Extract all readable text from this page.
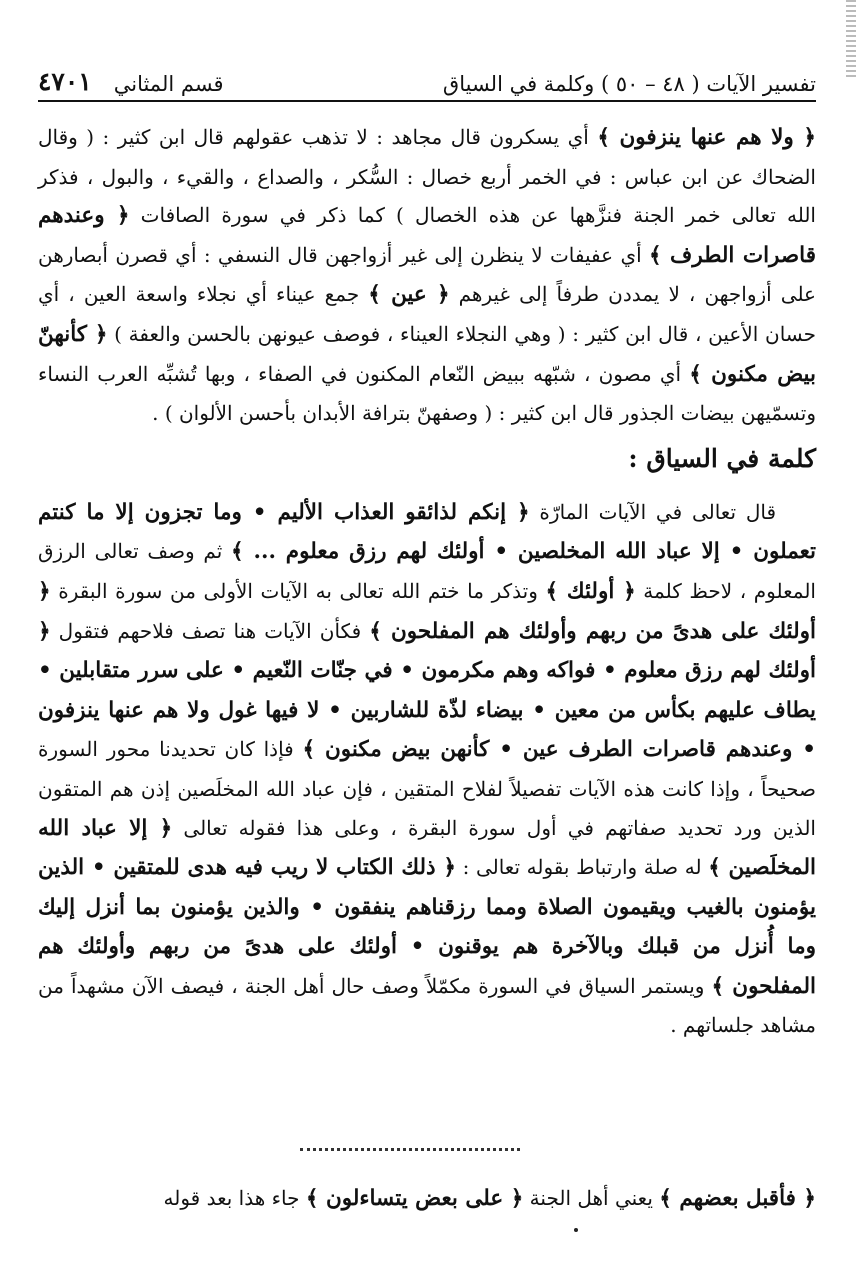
تفسير الآيات ( ٤٨ – ٥٠ ) وكلمة في السياق
قسم المثاني
٤٧٠١

﴿ ولا هم عنها ينزفون ﴾ أي يسكرون قال مجاهد : لا تذهب عقولهم قال ابن كثير : ( وقال الضحاك عن ابن عباس : في الخمر أربع خصال : السُّكر ، والصداع ، والقيء ، والبول ، فذكر الله تعالى خمر الجنة فنزَّهها عن هذه الخصال ) كما ذكر في سورة الصافات ﴿ وعندهم قاصرات الطرف ﴾ أي عفيفات لا ينظرن إلى غير أزواجهن قال النسفي : أي قصرن أبصارهن على أزواجهن ، لا يمددن طرفاً إلى غيرهم ﴿ عين ﴾ جمع عيناء أي نجلاء واسعة العين ، أي حسان الأعين ، قال ابن كثير : ( وهي النجلاء العيناء ، فوصف عيونهن بالحسن والعفة ) ﴿ كأنهنّ بيض مكنون ﴾ أي مصون ، شبّهه ببيض النّعام المكنون في الصفاء ، وبها تُشبِّه العرب النساء وتسمّيهن بيضات الجذور قال ابن كثير : ( وصفهنّ بترافة الأبدان بأحسن الألوان ) .

كلمة في السياق :

قال تعالى في الآيات المارّة ﴿ إنكم لذائقو العذاب الأليم • وما تجزون إلا ما كنتم تعملون • إلا عباد الله المخلصين • أولئك لهم رزق معلوم ... ﴾ ثم وصف تعالى الرزق المعلوم ، لاحظ كلمة ﴿ أولئك ﴾ وتذكر ما ختم الله تعالى به الآيات الأولى من سورة البقرة ﴿ أولئك على هدىً من ربهم وأولئك هم المفلحون ﴾ فكأن الآيات هنا تصف فلاحهم فتقول ﴿ أولئك لهم رزق معلوم • فواكه وهم مكرمون • في جنّات النّعيم • على سرر متقابلين • يطاف عليهم بكأس من معين • بيضاء لذّة للشاربين • لا فيها غول ولا هم عنها ينزفون • وعندهم قاصرات الطرف عين • كأنهن بيض مكنون ﴾ فإذا كان تحديدنا محور السورة صحيحاً ، وإذا كانت هذه الآيات تفصيلاً لفلاح المتقين ، فإن عباد الله المخلَصين إذن هم المتقون الذين ورد تحديد صفاتهم في أول سورة البقرة ، وعلى هذا فقوله تعالى ﴿ إلا عباد الله المخلَصين ﴾ له صلة وارتباط بقوله تعالى : ﴿ ذلك الكتاب لا ريب فيه هدى للمتقين • الذين يؤمنون بالغيب ويقيمون الصلاة ومما رزقناهم ينفقون • والذين يؤمنون بما أنزل إليك وما أُنزل من قبلك وبالآخرة هم يوقنون • أولئك على هدىً من ربهم وأولئك هم المفلحون ﴾ ويستمر السياق في السورة مكمّلاً وصف حال أهل الجنة ، فيصف الآن مشهداً من مشاهد جلساتهم .

﴿ فأقبل بعضهم ﴾ يعني أهل الجنة ﴿ على بعض يتساءلون ﴾ جاء هذا بعد قوله
